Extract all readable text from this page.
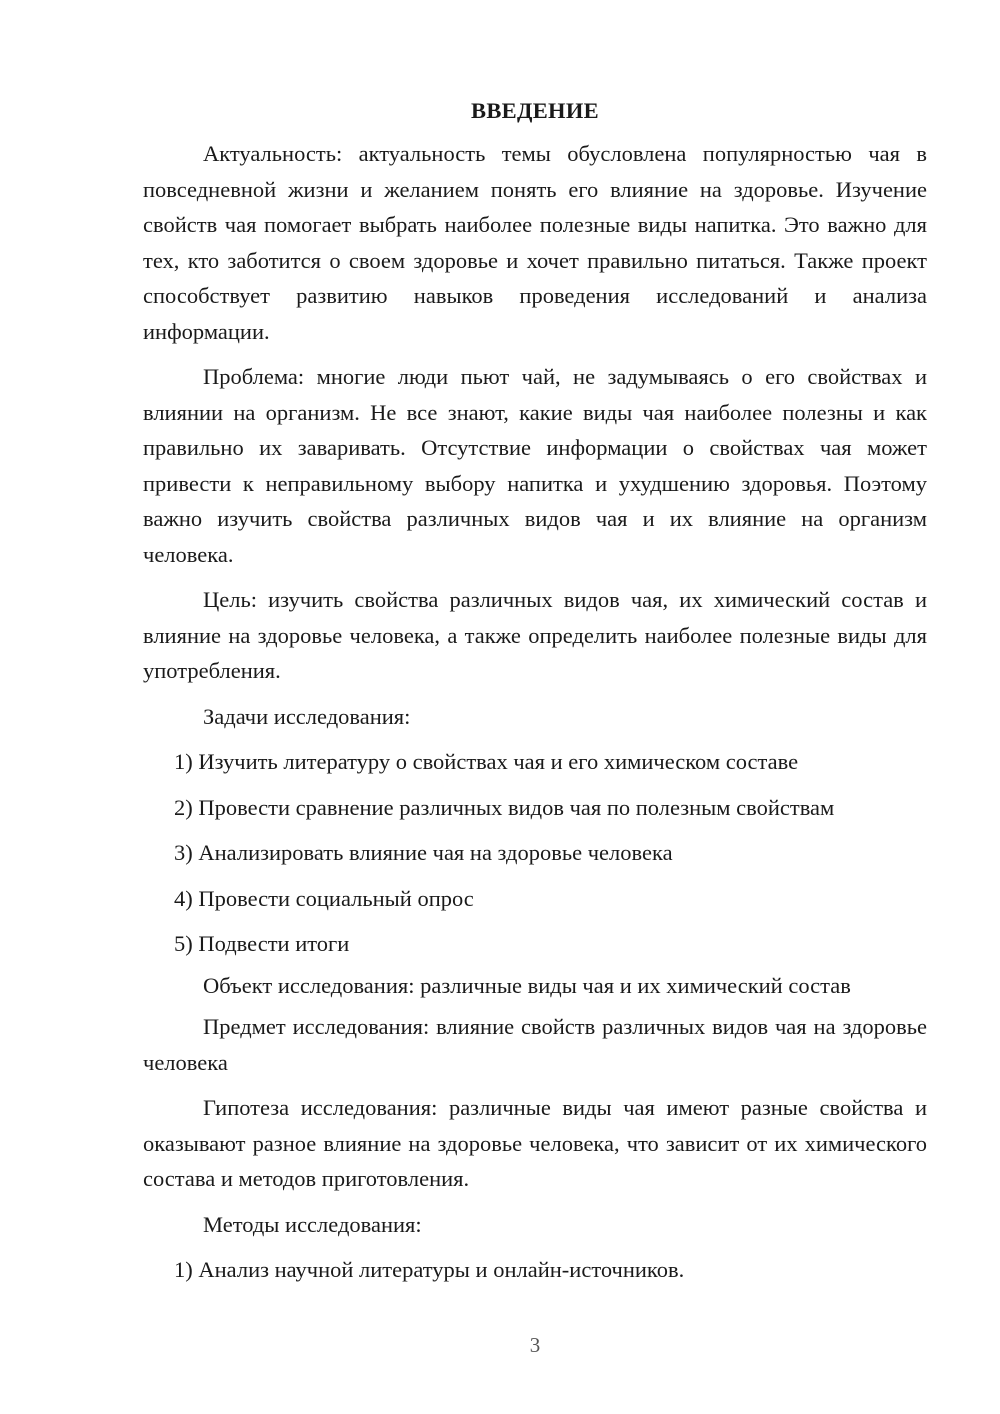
ВВЕДЕНИЕ

Актуальность: актуальность темы обусловлена популярностью чая в повседневной жизни и желанием понять его влияние на здоровье. Изучение свойств чая помогает выбрать наиболее полезные виды напитка. Это важно для тех, кто заботится о своем здоровье и хочет правильно питаться. Также проект способствует развитию навыков проведения исследований и анализа информации.

Проблема: многие люди пьют чай, не задумываясь о его свойствах и влиянии на организм. Не все знают, какие виды чая наиболее полезны и как правильно их заваривать. Отсутствие информации о свойствах чая может привести к неправильному выбору напитка и ухудшению здоровья. Поэтому важно изучить свойства различных видов чая и их влияние на организм человека.

Цель: изучить свойства различных видов чая, их химический состав и влияние на здоровье человека, а также определить наиболее полезные виды для употребления.

Задачи исследования:
1) Изучить литературу о свойствах чая и его химическом составе
2) Провести сравнение различных видов чая по полезным свойствам
3) Анализировать влияние чая на здоровье человека
4) Провести социальный опрос
5) Подвести итоги
Объект исследования: различные виды чая и их химический состав

Предмет исследования: влияние свойств различных видов чая на здоровье человека

Гипотеза исследования: различные виды чая имеют разные свойства и оказывают разное влияние на здоровье человека, что зависит от их химического состава и методов приготовления.

Методы исследования:
1) Анализ научной литературы и онлайн-источников.
3
